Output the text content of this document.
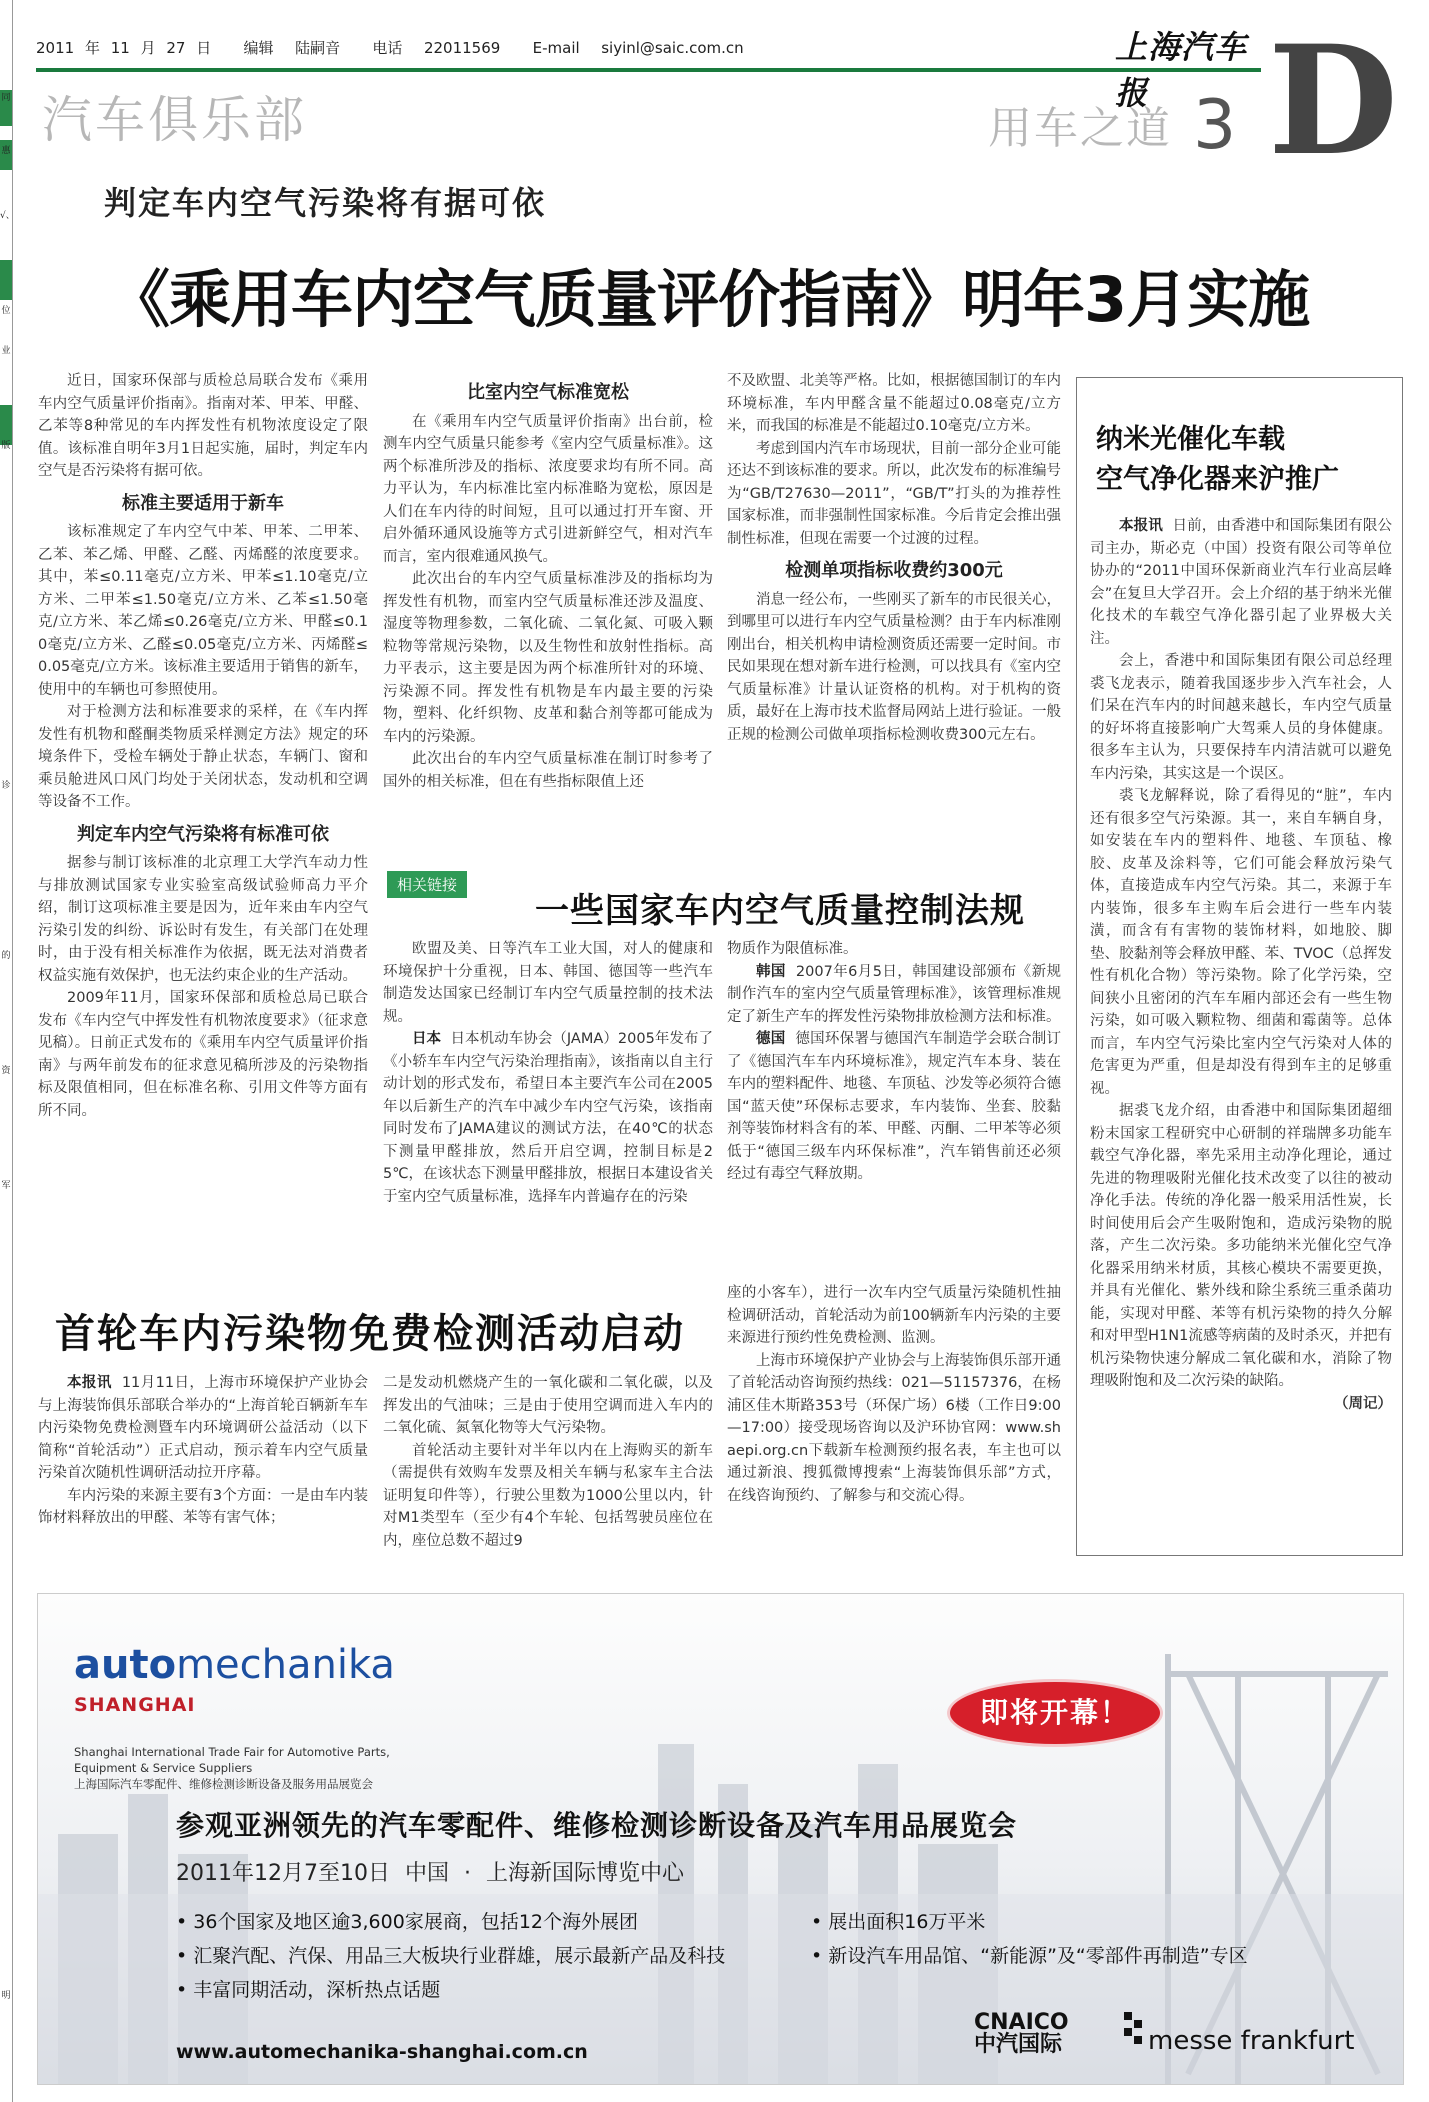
同
惠
√、
位
业
版
诊
的
资
军
明
2011 年 11 月 27 日 编辑 陆嗣音 电话 22011569 E-mail siyinl@saic.com.cn	上海汽车报
汽车俱乐部	用车之道 3 D
判定车内空气污染将有据可依
《乘用车内空气质量评价指南》明年3月实施

近日，国家环保部与质检总局联合发布《乘用车内空气质量评价指南》。指南对苯、甲苯、甲醛、乙苯等8种常见的车内挥发性有机物浓度设定了限值。该标准自明年3月1日起实施，届时，判定车内空气是否污染将有据可依。

标准主要适用于新车

该标准规定了车内空气中苯、甲苯、二甲苯、乙苯、苯乙烯、甲醛、乙醛、丙烯醛的浓度要求。其中，苯≤0.11毫克/立方米、甲苯≤1.10毫克/立方米、二甲苯≤1.50毫克/立方米、乙苯≤1.50毫克/立方米、苯乙烯≤0.26毫克/立方米、甲醛≤0.10毫克/立方米、乙醛≤0.05毫克/立方米、丙烯醛≤0.05毫克/立方米。该标准主要适用于销售的新车，使用中的车辆也可参照使用。

对于检测方法和标准要求的采样，在《车内挥发性有机物和醛酮类物质采样测定方法》规定的环境条件下，受检车辆处于静止状态，车辆门、窗和乘员舱进风口风门均处于关闭状态，发动机和空调等设备不工作。

判定车内空气污染将有标准可依

据参与制订该标准的北京理工大学汽车动力性与排放测试国家专业实验室高级试验师高力平介绍，制订这项标准主要是因为，近年来由车内空气污染引发的纠纷、诉讼时有发生，有关部门在处理时，由于没有相关标准作为依据，既无法对消费者权益实施有效保护，也无法约束企业的生产活动。

2009年11月，国家环保部和质检总局已联合发布《车内空气中挥发性有机物浓度要求》（征求意见稿）。日前正式发布的《乘用车内空气质量评价指南》与两年前发布的征求意见稿所涉及的污染物指标及限值相同，但在标准名称、引用文件等方面有所不同。

比室内空气标准宽松

在《乘用车内空气质量评价指南》出台前，检测车内空气质量只能参考《室内空气质量标准》。这两个标准所涉及的指标、浓度要求均有所不同。高力平认为，车内标准比室内标准略为宽松，原因是人们在车内待的时间短，且可以通过打开车窗、开启外循环通风设施等方式引进新鲜空气，相对汽车而言，室内很难通风换气。

此次出台的车内空气质量标准涉及的指标均为挥发性有机物，而室内空气质量标准还涉及温度、湿度等物理参数，二氧化硫、二氧化氮、可吸入颗粒物等常规污染物，以及生物性和放射性指标。高力平表示，这主要是因为两个标准所针对的环境、污染源不同。挥发性有机物是车内最主要的污染物，塑料、化纤织物、皮革和黏合剂等都可能成为车内的污染源。

此次出台的车内空气质量标准在制订时参考了国外的相关标准，但在有些指标限值上还

不及欧盟、北美等严格。比如，根据德国制订的车内环境标准，车内甲醛含量不能超过0.08毫克/立方米，而我国的标准是不能超过0.10毫克/立方米。

考虑到国内汽车市场现状，目前一部分企业可能还达不到该标准的要求。所以，此次发布的标准编号为“GB/T27630—2011”，“GB/T”打头的为推荐性国家标准，而非强制性国家标准。今后肯定会推出强制性标准，但现在需要一个过渡的过程。

检测单项指标收费约300元

消息一经公布，一些刚买了新车的市民很关心，到哪里可以进行车内空气质量检测？由于车内标准刚刚出台，相关机构申请检测资质还需要一定时间。市民如果现在想对新车进行检测，可以找具有《室内空气质量标准》计量认证资格的机构。对于机构的资质，最好在上海市技术监督局网站上进行验证。一般正规的检测公司做单项指标检测收费300元左右。

纳米光催化车载
空气净化器来沪推广

本报讯 日前，由香港中和国际集团有限公司主办，斯必克（中国）投资有限公司等单位协办的“2011中国环保新商业汽车行业高层峰会”在复旦大学召开。会上介绍的基于纳米光催化技术的车载空气净化器引起了业界极大关注。

会上，香港中和国际集团有限公司总经理裘飞龙表示，随着我国逐步步入汽车社会，人们呆在汽车内的时间越来越长，车内空气质量的好坏将直接影响广大驾乘人员的身体健康。很多车主认为，只要保持车内清洁就可以避免车内污染，其实这是一个误区。

裘飞龙解释说，除了看得见的“脏”，车内还有很多空气污染源。其一，来自车辆自身，如安装在车内的塑料件、地毯、车顶毡、橡胶、皮革及涂料等，它们可能会释放污染气体，直接造成车内空气污染。其二，来源于车内装饰，很多车主购车后会进行一些车内装潢，而含有有害物的装饰材料，如地胶、脚垫、胶黏剂等会释放甲醛、苯、TVOC（总挥发性有机化合物）等污染物。除了化学污染，空间狭小且密闭的汽车车厢内部还会有一些生物污染，如可吸入颗粒物、细菌和霉菌等。总体而言，车内空气污染比室内空气污染对人体的危害更为严重，但是却没有得到车主的足够重视。

据裘飞龙介绍，由香港中和国际集团超细粉末国家工程研究中心研制的祥瑞牌多功能车载空气净化器，率先采用主动净化理论，通过先进的物理吸附光催化技术改变了以往的被动净化手法。传统的净化器一般采用活性炭，长时间使用后会产生吸附饱和，造成污染物的脱落，产生二次污染。多功能纳米光催化空气净化器采用纳米材质，其核心模块不需要更换，并具有光催化、紫外线和除尘系统三重杀菌功能，实现对甲醛、苯等有机污染物的持久分解和对甲型H1N1流感等病菌的及时杀灭，并把有机污染物快速分解成二氧化碳和水，消除了物理吸附饱和及二次污染的缺陷。

（周记）
相关链接
一些国家车内空气质量控制法规

欧盟及美、日等汽车工业大国，对人的健康和环境保护十分重视，日本、韩国、德国等一些汽车制造发达国家已经制订车内空气质量控制的技术法规。

日本 日本机动车协会（JAMA）2005年发布了《小轿车车内空气污染治理指南》，该指南以自主行动计划的形式发布，希望日本主要汽车公司在2005年以后新生产的汽车中减少车内空气污染，该指南同时发布了JAMA建议的测试方法，在40℃的状态下测量甲醛排放，然后开启空调，控制目标是25℃，在该状态下测量甲醛排放，根据日本建设省关于室内空气质量标准，选择车内普遍存在的污染

物质作为限值标准。

韩国 2007年6月5日，韩国建设部颁布《新规制作汽车的室内空气质量管理标准》，该管理标准规定了新生产车的挥发性污染物排放检测方法和标准。

德国 德国环保署与德国汽车制造学会联合制订了《德国汽车车内环境标准》，规定汽车本身、装在车内的塑料配件、地毯、车顶毡、沙发等必须符合德国“蓝天使”环保标志要求，车内装饰、坐套、胶黏剂等装饰材料含有的苯、甲醛、丙酮、二甲苯等必须低于“德国三级车内环保标准”，汽车销售前还必须经过有毒空气释放期。

首轮车内污染物免费检测活动启动

本报讯 11月11日，上海市环境保护产业协会与上海装饰俱乐部联合举办的“上海首轮百辆新车车内污染物免费检测暨车内环境调研公益活动（以下简称“首轮活动”）正式启动，预示着车内空气质量污染首次随机性调研活动拉开序幕。

车内污染的来源主要有3个方面：一是由车内装饰材料释放出的甲醛、苯等有害气体；

二是发动机燃烧产生的一氧化碳和二氧化碳，以及挥发出的气油味；三是由于使用空调而进入车内的二氧化硫、氮氧化物等大气污染物。

首轮活动主要针对半年以内在上海购买的新车（需提供有效购车发票及相关车辆与私家车主合法证明复印件等），行驶公里数为1000公里以内，针对M1类型车（至少有4个车轮、包括驾驶员座位在内，座位总数不超过9

座的小客车），进行一次车内空气质量污染随机性抽检调研活动，首轮活动为前100辆新车内污染的主要来源进行预约性免费检测、监测。

上海市环境保护产业协会与上海装饰俱乐部开通了首轮活动咨询预约热线：021—51157376，在杨浦区佳木斯路353号（环保广场）6楼（工作日9:00—17:00）接受现场咨询以及沪环协官网：www.shaepi.org.cn下载新车检测预约报名表，车主也可以通过新浪、搜狐微博搜索“上海装饰俱乐部”方式，在线咨询预约、了解参与和交流心得。

automechanika
SHANGHAI
Shanghai International Trade Fair for Automotive Parts,
Equipment & Service Suppliers
上海国际汽车零配件、维修检测诊断设备及服务用品展览会
即将开幕！
参观亚洲领先的汽车零配件、维修检测诊断设备及汽车用品展览会
2011年12月7至10日 中国 · 上海新国际博览中心
• 36个国家及地区逾3,600家展商，包括12个海外展团
• 汇聚汽配、汽保、用品三大板块行业群雄，展示最新产品及科技
• 丰富同期活动，深析热点话题
• 展出面积16万平米
• 新设汽车用品馆、“新能源”及“零部件再制造”专区
www.automechanika-shanghai.com.cn
CNAICO
中汽国际	messe frankfurt
